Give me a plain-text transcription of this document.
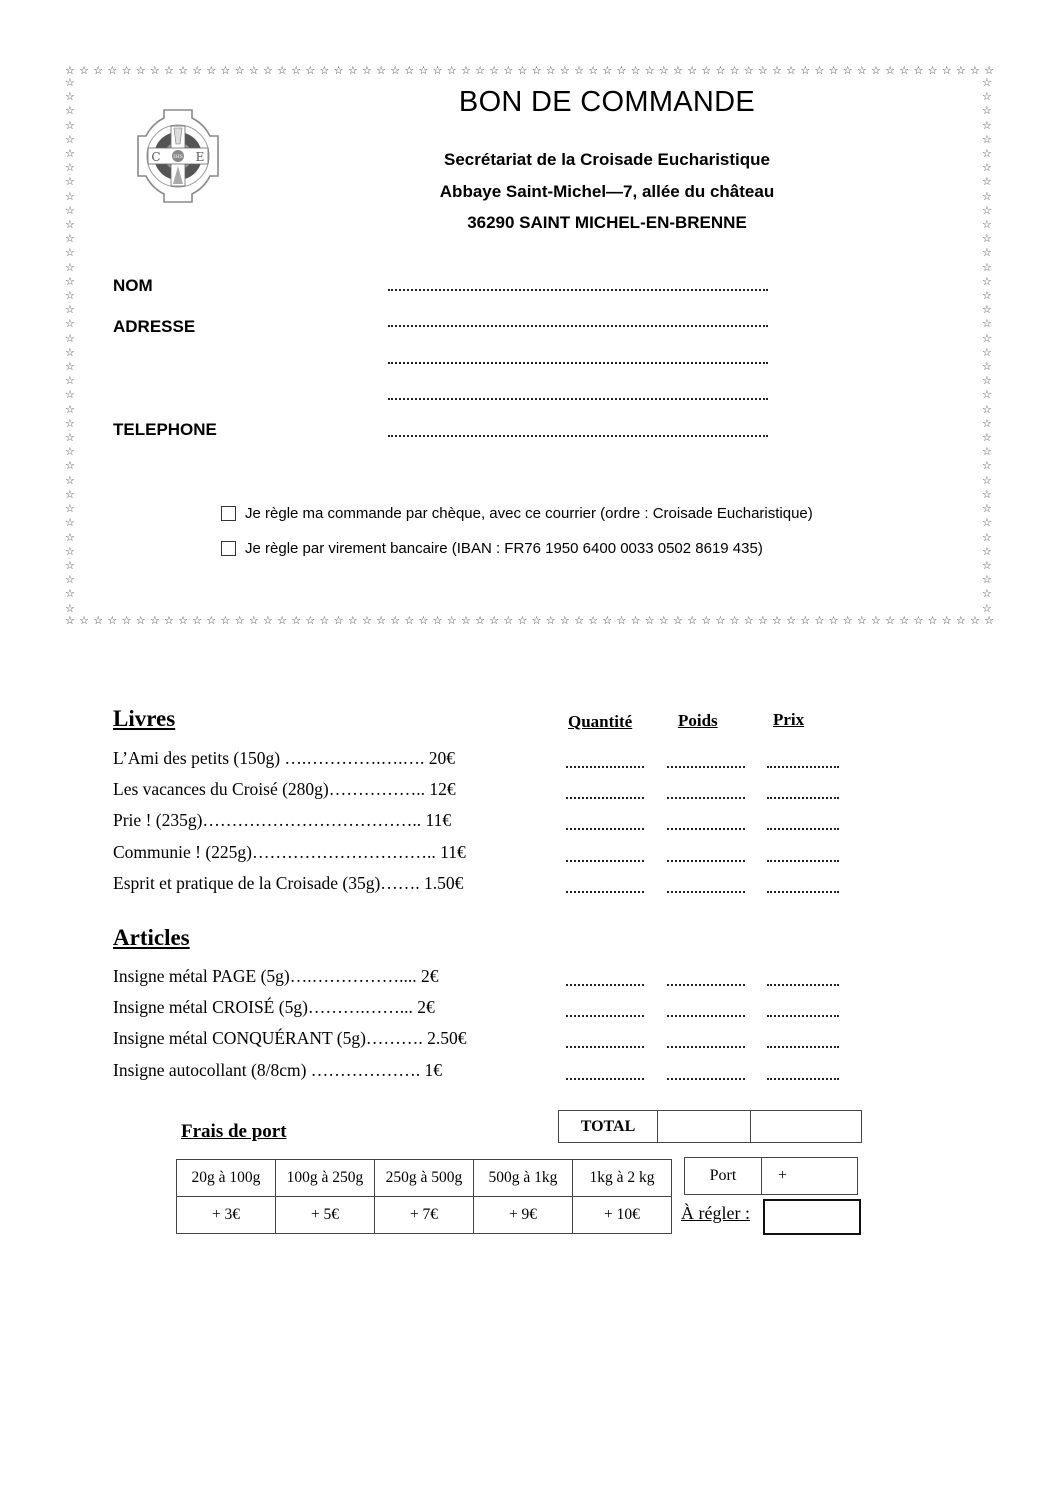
☆ ☆ ☆ ☆ ☆ ☆ ☆ ☆ ☆ ☆ ☆ ☆ ☆ ☆ ☆ ☆ ☆ ☆ ☆ ☆ ☆ ☆ ☆ ☆ ☆ ☆ ☆ ☆ ☆ ☆ ☆ ☆ ☆ ☆ ☆ ☆ ☆ ☆ ☆ ☆ ☆ ☆ ☆ ☆ ☆ ☆ ☆ ☆ ☆ ☆ ☆ ☆ ☆ ☆ ☆ ☆ ☆ ☆ ☆ ☆ ☆ ☆ ☆ ☆ ☆ ☆
☆ ☆ ☆ ☆ ☆ ☆ ☆ ☆ ☆ ☆ ☆ ☆ ☆ ☆ ☆ ☆ ☆ ☆ ☆ ☆ ☆ ☆ ☆ ☆ ☆ ☆ ☆ ☆ ☆ ☆ ☆ ☆ ☆ ☆ ☆ ☆ ☆ ☆ ☆ ☆ ☆ ☆ ☆ ☆ ☆ ☆ ☆ ☆ ☆ ☆ ☆ ☆ ☆ ☆ ☆ ☆ ☆ ☆ ☆ ☆ ☆ ☆ ☆ ☆ ☆ ☆
☆
☆
☆
☆
☆
☆
☆
☆
☆
☆
☆
☆
☆
☆
☆
☆
☆
☆
☆
☆
☆
☆
☆
☆
☆
☆
☆
☆
☆
☆
☆
☆
☆
☆
☆
☆
☆
☆
☆
☆
☆
☆
☆
☆
☆
☆
☆
☆
☆
☆
☆
☆
☆
☆
☆
☆
☆
☆
☆
☆
☆
☆
☆
☆
☆
☆
☆
☆
☆
☆
☆
☆
☆
☆
☆
☆
IHS
C	E
BON DE COMMANDE
Secrétariat de la Croisade Eucharistique
Abbaye Saint-Michel—7, allée du château
36290 SAINT MICHEL-EN-BRENNE
NOM
ADRESSE
TELEPHONE
Je règle ma commande par chèque, avec ce courrier (ordre : Croisade Eucharistique)
Je règle par virement bancaire (IBAN : FR76 1950 6400 0033 0502 8619 435)
Livres	Quantité	Poids	Prix
L’Ami des petits (150g) ….………….….…. 20€
Les vacances du Croisé (280g)…………….. 12€
Prie ! (235g)……………………………….. 11€
Communie ! (225g)………………………….. 11€
Esprit et pratique de la Croisade (35g)……. 1.50€
Articles
Insigne métal PAGE (5g)….…………….... 2€
Insigne métal CROISÉ (5g)……….……... 2€
Insigne métal CONQUÉRANT (5g)………. 2.50€
Insigne autocollant (8/8cm) ………………. 1€
Frais de port	TOTAL		
20g à 100g	100g à 250g	250g à 500g	500g à 1kg	1kg à 2 kg
+ 3€	+ 5€	+ 7€	+ 9€	+ 10€
Port	+
À régler :
